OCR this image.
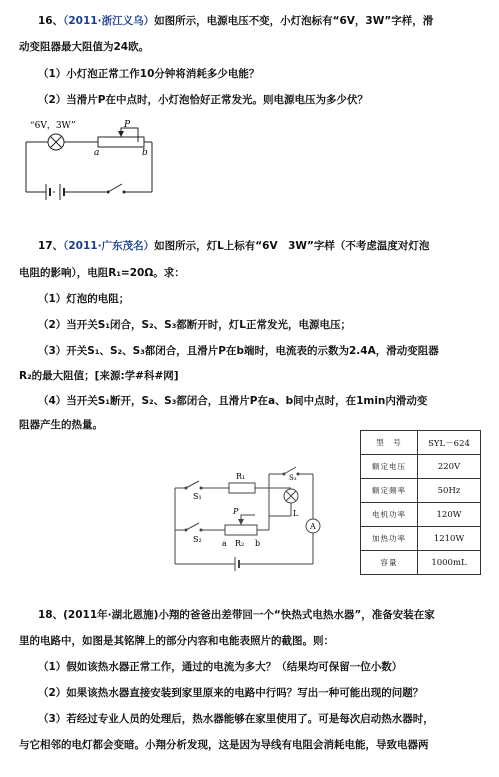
16、（2011·浙江义乌）如图所示，电源电压不变，小灯泡标有“6V，3W”字样，滑
动变阻器最大阻值为24欧。
（1）小灯泡正常工作10分钟将消耗多少电能？
（2）当滑片P在中点时，小灯泡恰好正常发光。则电源电压为多少伏？
“6V，3W”	P
a	b
17、（2011·广东茂名）如图所示，灯L上标有“6V　3W”字样（不考虑温度对灯泡
电阻的影响），电阻R₁=20Ω。求：
（1）灯泡的电阻；
（2）当开关S₁闭合，S₂、S₃都断开时，灯L正常发光，电源电压；
（3）开关S₁、S₂、S₃都闭合，且滑片P在b端时，电流表的示数为2.4A，滑动变阻器
R₂的最大阻值；[来源:学#科#网]
（4）当开关S₁断开，S₂、S₃都闭合，且滑片P在a、b间中点时，在1min内滑动变
阻器产生的热量。
S₁
R₁	S₃
L
A
S₂
P
a R₂ b
型　号	SYL－624
额定电压	220V
额定频率	50Hz
电机功率	120W
加热功率	1210W
容量	1000mL
18、(2011年·湖北恩施)小翔的爸爸出差带回一个“快热式电热水器”，准备安装在家
里的电路中，如图是其铭牌上的部分内容和电能表照片的截图。则：
（1）假如该热水器正常工作，通过的电流为多大？（结果均可保留一位小数）
（2）如果该热水器直接安装到家里原来的电路中行吗？写出一种可能出现的问题？
（3）若经过专业人员的处理后，热水器能够在家里使用了。可是每次启动热水器时，
与它相邻的电灯都会变暗。小翔分析发现，这是因为导线有电阻会消耗电能，导致电器两
